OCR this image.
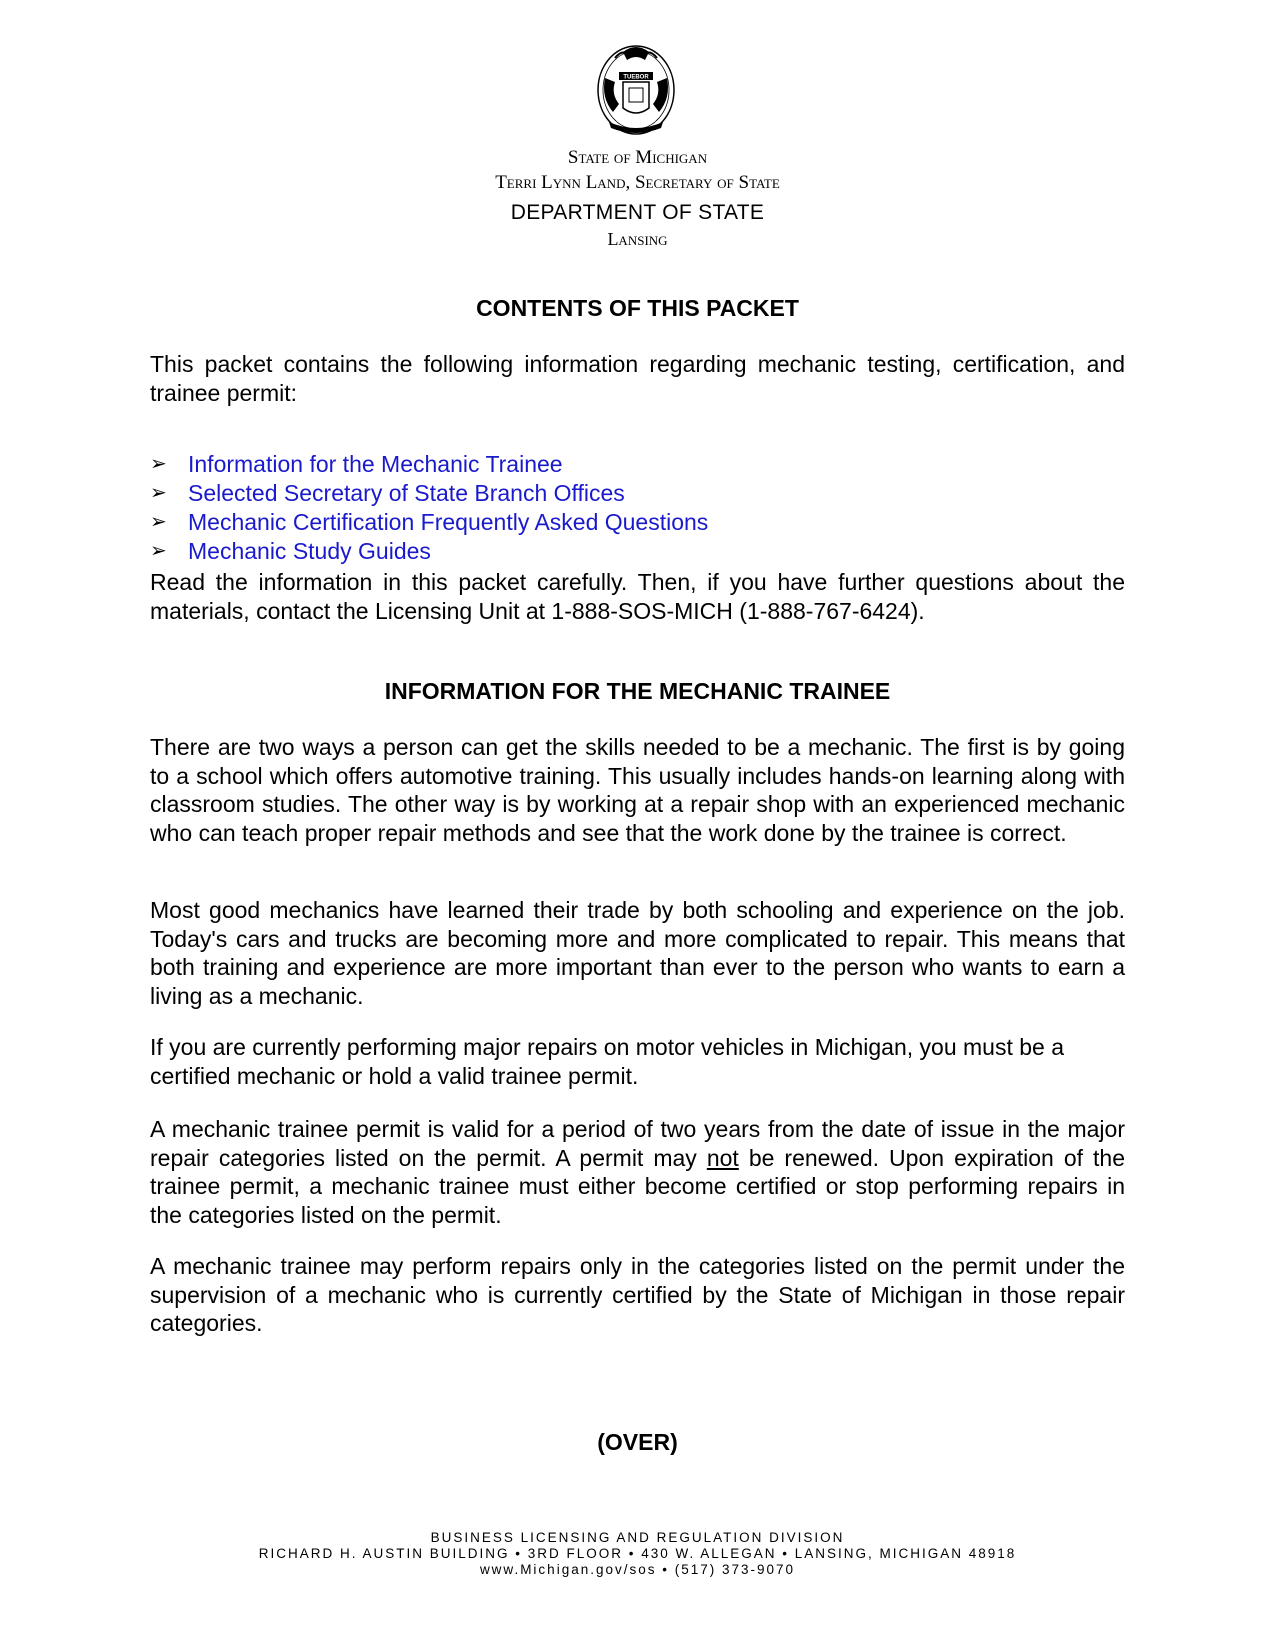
TUEBOR
State of Michigan
Terri Lynn Land, Secretary of State
DEPARTMENT OF STATE
Lansing
CONTENTS OF THIS PACKET
This packet contains the following information regarding mechanic testing, certification, and trainee permit:
➢ Information for the Mechanic Trainee
➢ Selected Secretary of State Branch Offices
➢ Mechanic Certification Frequently Asked Questions
➢ Mechanic Study Guides
Read the information in this packet carefully. Then, if you have further questions about the materials, contact the Licensing Unit at 1-888-SOS-MICH (1-888-767-6424).
INFORMATION FOR THE MECHANIC TRAINEE
There are two ways a person can get the skills needed to be a mechanic. The first is by going to a school which offers automotive training. This usually includes hands-on learning along with classroom studies. The other way is by working at a repair shop with an experienced mechanic who can teach proper repair methods and see that the work done by the trainee is correct.
Most good mechanics have learned their trade by both schooling and experience on the job. Today's cars and trucks are becoming more and more complicated to repair. This means that both training and experience are more important than ever to the person who wants to earn a living as a mechanic.
If you are currently performing major repairs on motor vehicles in Michigan, you must be a certified mechanic or hold a valid trainee permit.
A mechanic trainee permit is valid for a period of two years from the date of issue in the major repair categories listed on the permit. A permit may not be renewed. Upon expiration of the trainee permit, a mechanic trainee must either become certified or stop performing repairs in the categories listed on the permit.
A mechanic trainee may perform repairs only in the categories listed on the permit under the supervision of a mechanic who is currently certified by the State of Michigan in those repair categories.
(OVER)
BUSINESS LICENSING AND REGULATION DIVISION
RICHARD H. AUSTIN BUILDING • 3RD FLOOR • 430 W. ALLEGAN • LANSING, MICHIGAN 48918
www.Michigan.gov/sos • (517) 373-9070
